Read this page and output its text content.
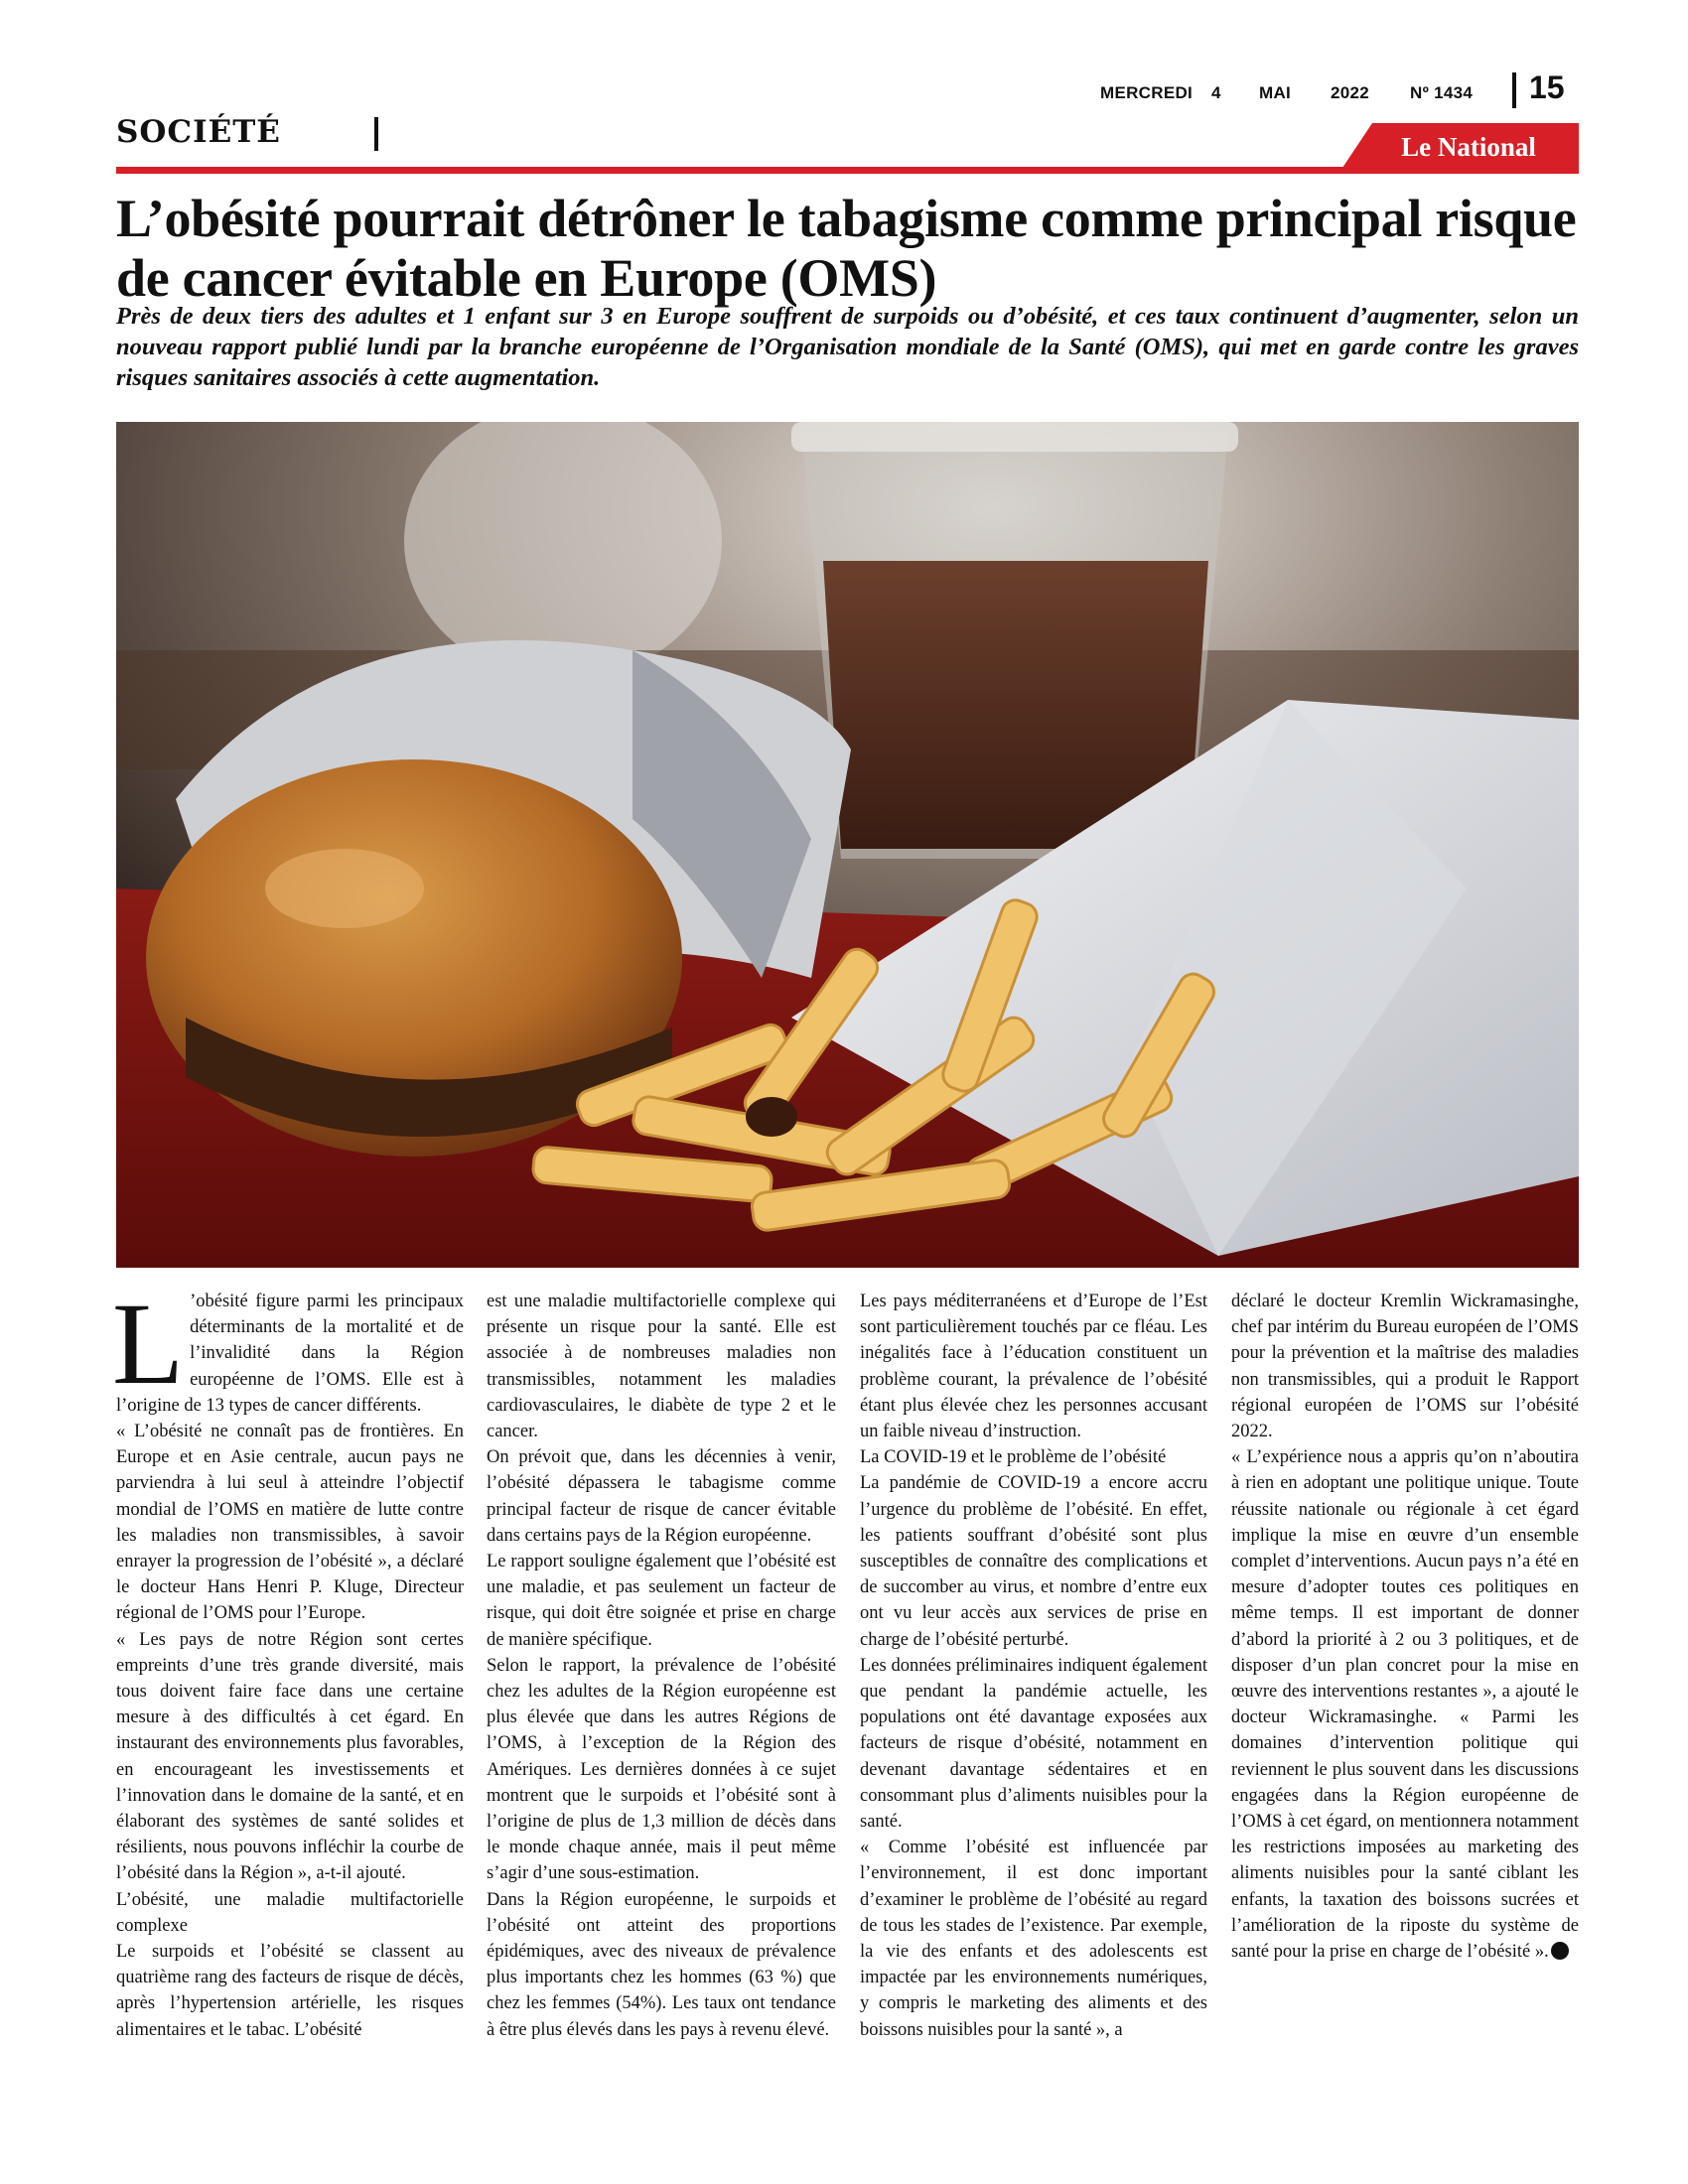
MERCREDI 4 MAI 2022 Nº 1434 15
SOCIÉTÉ	Le National
L’obésité pourrait détrôner le tabagisme comme principal risque de cancer évitable en Europe (OMS)

Près de deux tiers des adultes et 1 enfant sur 3 en Europe souffrent de surpoids ou d’obésité, et ces taux continuent d’augmenter, selon un nouveau rapport publié lundi par la branche européenne de l’Organisation mondiale de la Santé (OMS), qui met en garde contre les graves risques sanitaires associés à cette augmentation.

L ’obésité figure parmi les principaux déterminants de la mortalité et de l’invalidité dans la Région européenne de l’OMS. Elle est à l’origine de 13 types de cancer différents.

« L’obésité ne connaît pas de frontières. En Europe et en Asie centrale, aucun pays ne parviendra à lui seul à atteindre l’objectif mondial de l’OMS en matière de lutte contre les maladies non transmissibles, à savoir enrayer la progression de l’obésité », a déclaré le docteur Hans Henri P. Kluge, Directeur régional de l’OMS pour l’Europe.

« Les pays de notre Région sont certes empreints d’une très grande diversité, mais tous doivent faire face dans une certaine mesure à des difficultés à cet égard. En instaurant des environnements plus favorables, en encourageant les investissements et l’innovation dans le domaine de la santé, et en élaborant des systèmes de santé solides et résilients, nous pouvons infléchir la courbe de l’obésité dans la Région », a-t-il ajouté.

L’obésité, une maladie multifactorielle complexe

Le surpoids et l’obésité se classent au quatrième rang des facteurs de risque de décès, après l’hypertension artérielle, les risques alimentaires et le tabac. L’obésité

est une maladie multifactorielle complexe qui présente un risque pour la santé. Elle est associée à de nombreuses maladies non transmissibles, notamment les maladies cardiovasculaires, le diabète de type 2 et le cancer.

On prévoit que, dans les décennies à venir, l’obésité dépassera le tabagisme comme principal facteur de risque de cancer évitable dans certains pays de la Région européenne.

Le rapport souligne également que l’obésité est une maladie, et pas seulement un facteur de risque, qui doit être soignée et prise en charge de manière spécifique.

Selon le rapport, la prévalence de l’obésité chez les adultes de la Région européenne est plus élevée que dans les autres Régions de l’OMS, à l’exception de la Région des Amériques. Les dernières données à ce sujet montrent que le surpoids et l’obésité sont à l’origine de plus de 1,3 million de décès dans le monde chaque année, mais il peut même s’agir d’une sous-estimation.

Dans la Région européenne, le surpoids et l’obésité ont atteint des proportions épidémiques, avec des niveaux de prévalence plus importants chez les hommes (63 %) que chez les femmes (54%). Les taux ont tendance à être plus élevés dans les pays à revenu élevé.

Les pays méditerranéens et d’Europe de l’Est sont particulièrement touchés par ce fléau. Les inégalités face à l’éducation constituent un problème courant, la prévalence de l’obésité étant plus élevée chez les personnes accusant un faible niveau d’instruction.

La COVID-19 et le problème de l’obésité

La pandémie de COVID-19 a encore accru l’urgence du problème de l’obésité. En effet, les patients souffrant d’obésité sont plus susceptibles de connaître des complications et de succomber au virus, et nombre d’entre eux ont vu leur accès aux services de prise en charge de l’obésité perturbé.

Les données préliminaires indiquent également que pendant la pandémie actuelle, les populations ont été davantage exposées aux facteurs de risque d’obésité, notamment en devenant davantage sédentaires et en consommant plus d’aliments nuisibles pour la santé.

« Comme l’obésité est influencée par l’environnement, il est donc important d’examiner le problème de l’obésité au regard de tous les stades de l’existence. Par exemple, la vie des enfants et des adolescents est impactée par les environnements numériques, y compris le marketing des aliments et des boissons nuisibles pour la santé », a

déclaré le docteur Kremlin Wickramasinghe, chef par intérim du Bureau européen de l’OMS pour la prévention et la maîtrise des maladies non transmissibles, qui a produit le Rapport régional européen de l’OMS sur l’obésité 2022.

« L’expérience nous a appris qu’on n’aboutira à rien en adoptant une politique unique. Toute réussite nationale ou régionale à cet égard implique la mise en œuvre d’un ensemble complet d’interventions. Aucun pays n’a été en mesure d’adopter toutes ces politiques en même temps. Il est important de donner d’abord la priorité à 2 ou 3 politiques, et de disposer d’un plan concret pour la mise en œuvre des interventions restantes », a ajouté le docteur Wickramasinghe. « Parmi les domaines d’intervention politique qui reviennent le plus souvent dans les discussions engagées dans la Région européenne de l’OMS à cet égard, on mentionnera notamment les restrictions imposées au marketing des aliments nuisibles pour la santé ciblant les enfants, la taxation des boissons sucrées et l’amélioration de la riposte du système de santé pour la prise en charge de l’obésité ».
